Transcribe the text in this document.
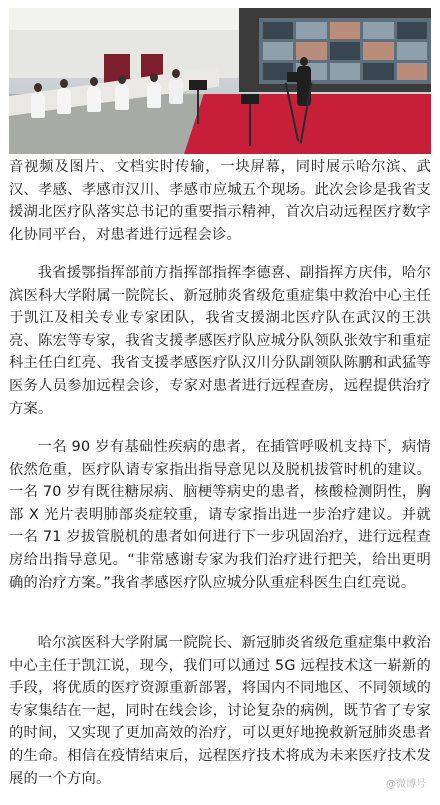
音视频及图片、文档实时传输，一块屏幕，同时展示哈尔滨、武汉、孝感、孝感市汉川、孝感市应城五个现场。此次会诊是我省支援湖北医疗队落实总书记的重要指示精神，首次启动远程医疗数字化协同平台，对患者进行远程会诊。

我省援鄂指挥部前方指挥部指挥李德喜、副指挥方庆伟，哈尔滨医科大学附属一院院长、新冠肺炎省级危重症集中救治中心主任于凯江及相关专业专家团队，我省支援湖北医疗队在武汉的王洪亮、陈宏等专家，我省支援孝感医疗队应城分队领队张效宇和重症科主任白红亮、我省支援孝感医疗队汉川分队副领队陈鹏和武猛等医务人员参加远程会诊，专家对患者进行远程查房，远程提供治疗方案。

一名 90 岁有基础性疾病的患者，在插管呼吸机支持下，病情依然危重，医疗队请专家指出指导意见以及脱机拔管时机的建议。一名 70 岁有既往糖尿病、脑梗等病史的患者，核酸检测阴性，胸部 X 光片表明肺部炎症较重，请专家指出进一步治疗建议。并就一名 71 岁拔管脱机的患者如何进行下一步巩固治疗，进行远程查房给出指导意见。“非常感谢专家为我们治疗进行把关，给出更明确的治疗方案。”我省孝感医疗队应城分队重症科医生白红亮说。

哈尔滨医科大学附属一院院长、新冠肺炎省级危重症集中救治中心主任于凯江说，现今，我们可以通过 5G 远程技术这一崭新的手段，将优质的医疗资源重新部署，将国内不同地区、不同领域的专家集结在一起，同时在线会诊，讨论复杂的病例，既节省了专家的时间，又实现了更加高效的治疗，可以更好地挽救新冠肺炎患者的生命。相信在疫情结束后，远程医疗技术将成为未来医疗技术发展的一个方向。	@微博号
